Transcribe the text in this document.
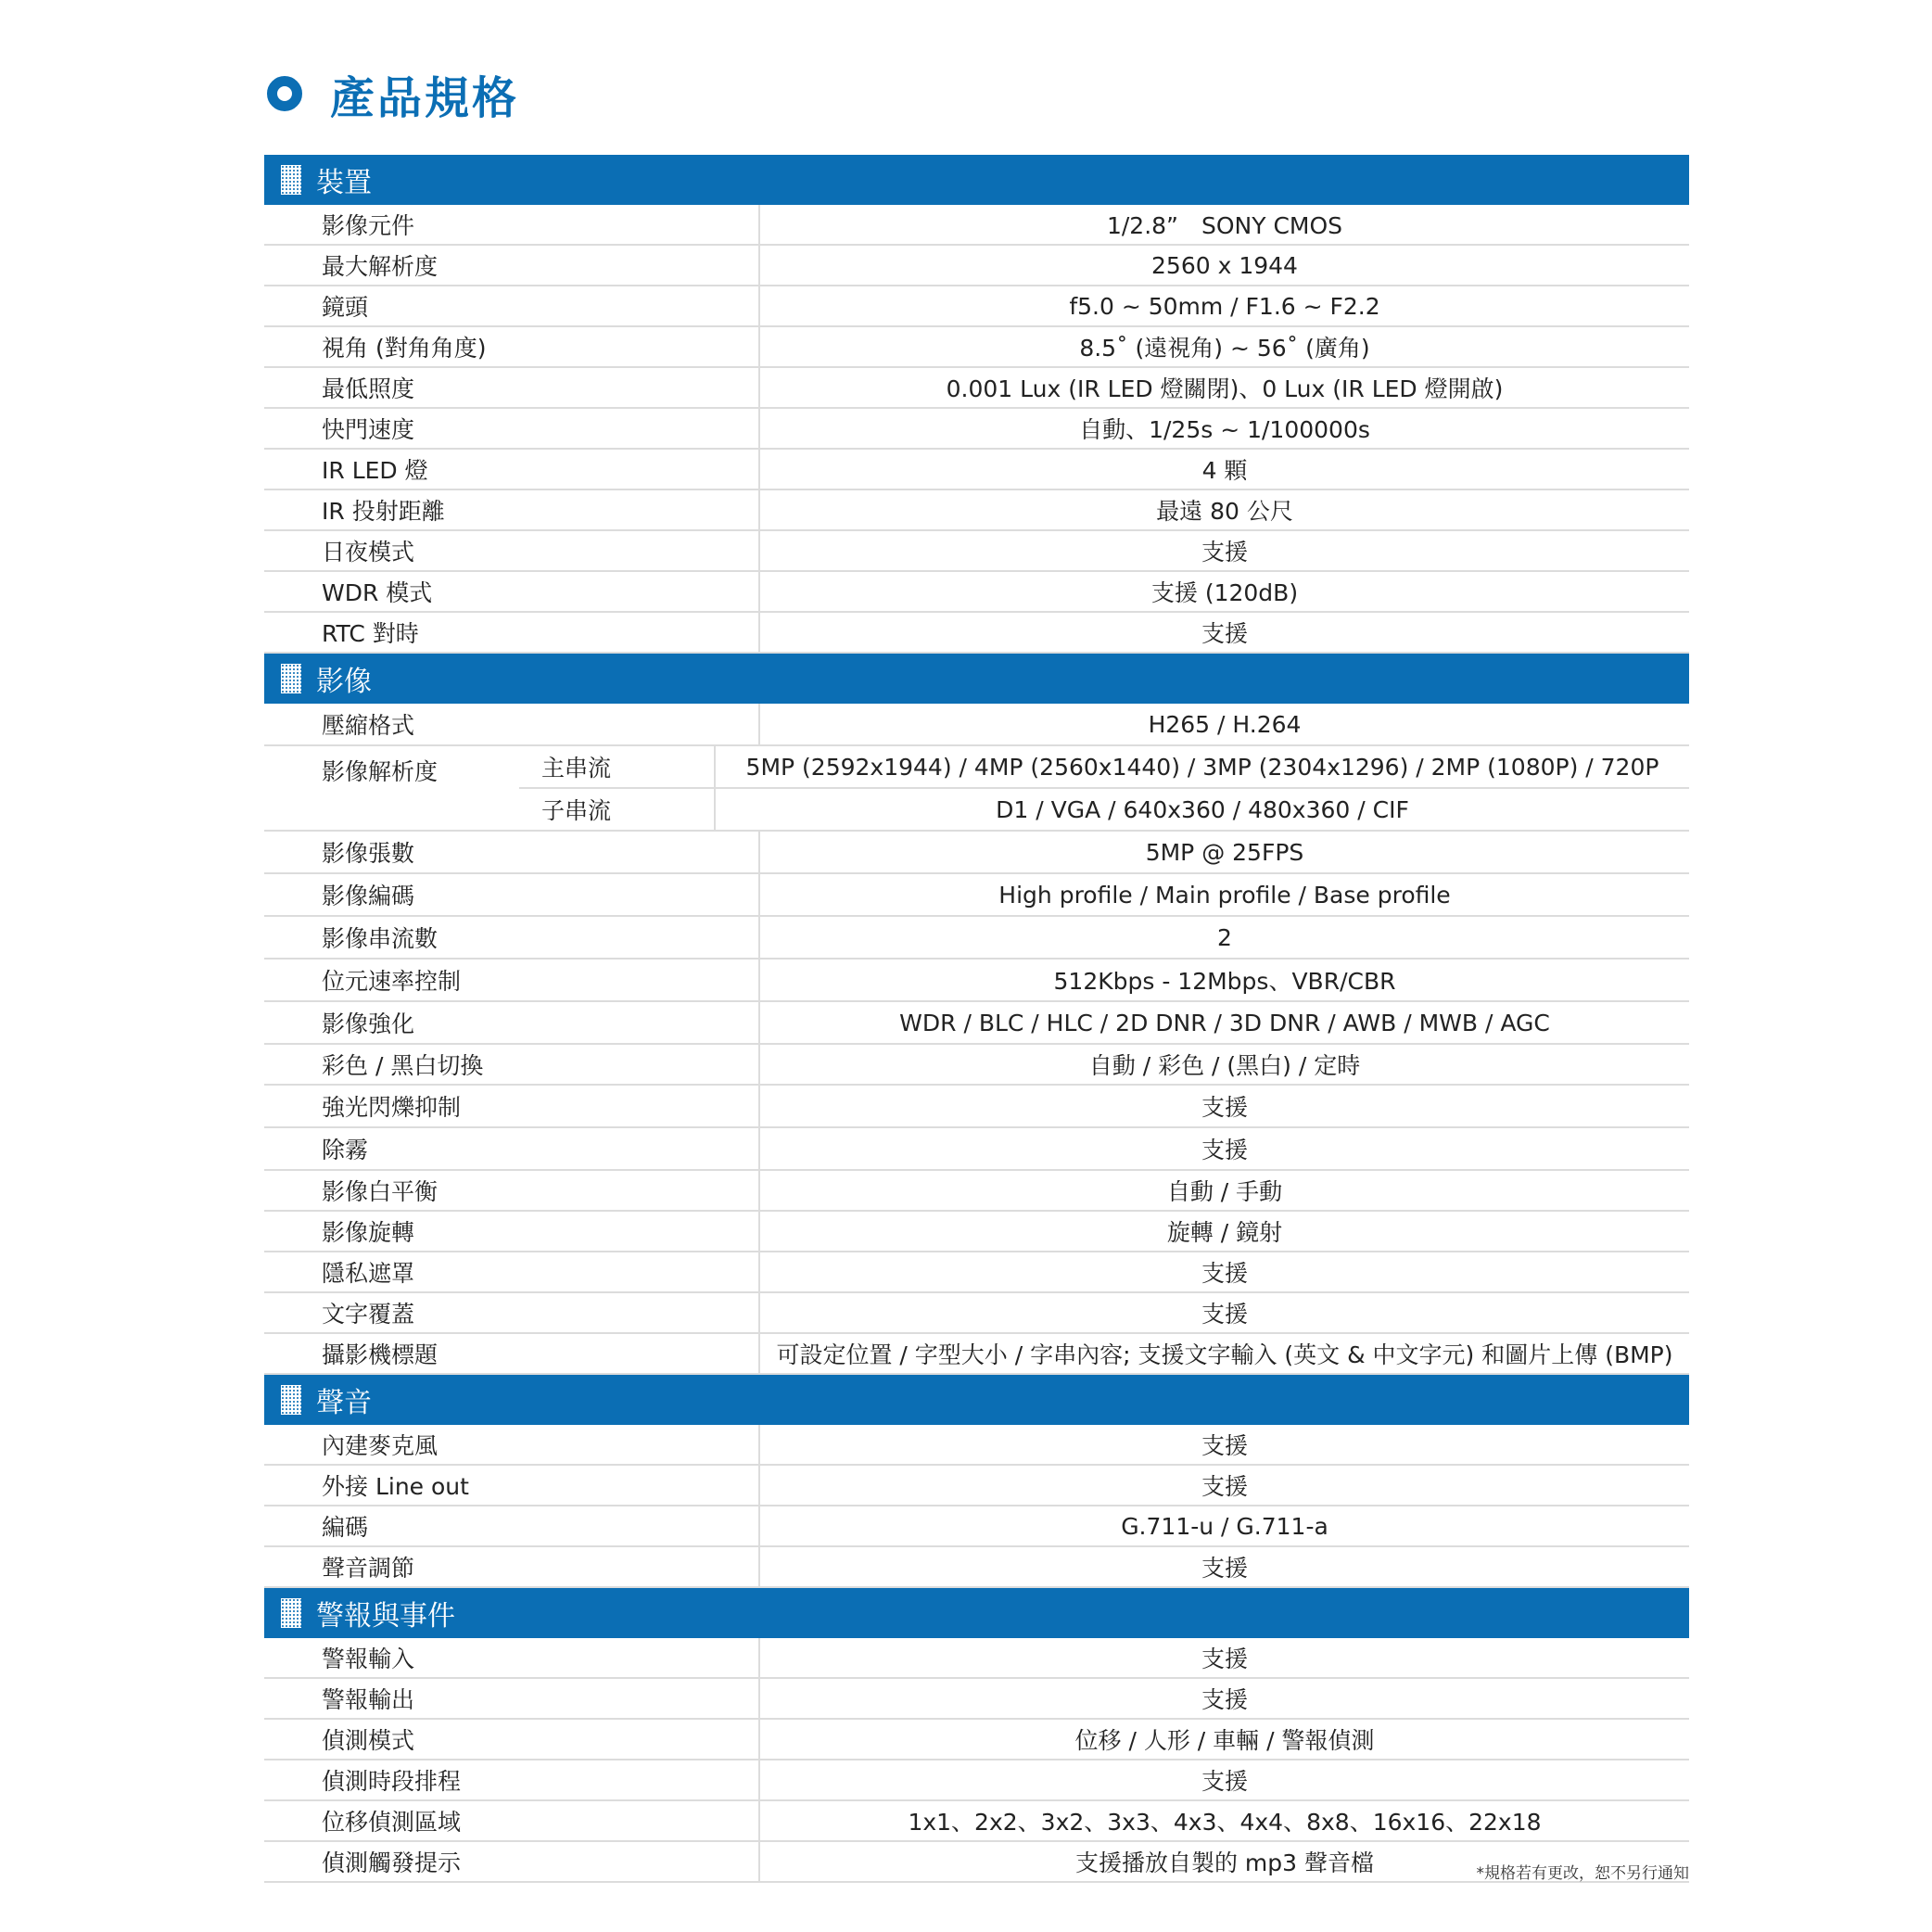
產品規格
裝置
影像元件	1/2.8”　SONY CMOS
最大解析度	2560 x 1944
鏡頭	f5.0 ~ 50mm / F1.6 ~ F2.2
視角 (對角角度)	8.5˚ (遠視角) ~ 56˚ (廣角)
最低照度	0.001 Lux (IR LED 燈關閉)、0 Lux (IR LED 燈開啟)
快門速度	自動、1/25s ~ 1/100000s
IR LED 燈	4 顆
IR 投射距離	最遠 80 公尺
日夜模式	支援
WDR 模式	支援 (120dB)
RTC 對時	支援
影像
壓縮格式	H265 / H.264
影像解析度	主串流	5MP (2592x1944) / 4MP (2560x1440) / 3MP (2304x1296) / 2MP (1080P) / 720P
子串流	D1 / VGA / 640x360 / 480x360 / CIF
影像張數	5MP @ 25FPS
影像編碼	High profile / Main profile / Base profile
影像串流數	2
位元速率控制	512Kbps - 12Mbps、VBR/CBR
影像強化	WDR / BLC / HLC / 2D DNR / 3D DNR / AWB / MWB / AGC
彩色 / 黑白切換	自動 / 彩色 / (黑白) / 定時
強光閃爍抑制	支援
除霧	支援
影像白平衡	自動 / 手動
影像旋轉	旋轉 / 鏡射
隱私遮罩	支援
文字覆蓋	支援
攝影機標題	可設定位置 / 字型大小 / 字串內容; 支援文字輸入 (英文 & 中文字元) 和圖片上傳 (BMP)
聲音
內建麥克風	支援
外接 Line out	支援
編碼	G.711-u / G.711-a
聲音調節	支援
警報與事件
警報輸入	支援
警報輸出	支援
偵測模式	位移 / 人形 / 車輛 / 警報偵測
偵測時段排程	支援
位移偵測區域	1x1、2x2、3x2、3x3、4x3、4x4、8x8、16x16、22x18
偵測觸發提示	支援播放自製的 mp3 聲音檔	*規格若有更改，恕不另行通知
